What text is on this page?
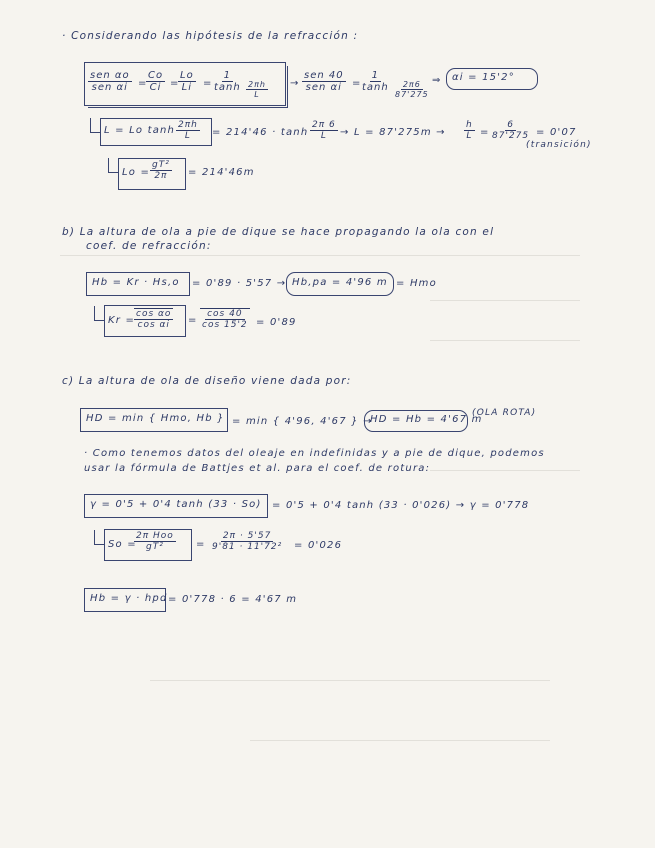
· Considerando las hipótesis de la refracción :
sen αo
sen αi =
$\frac{Co}{Ci}$ =
$\frac{Lo}{Li} = \frac{1}{\tanh} \frac{2\pi h}{L}$ →
sen 40
sen αi =
$\frac{1}{\tanh} \frac{2\pi 6}{87'275}$ ⇒ αi = 15'2°
L = Lo $\tanh \frac{2\pi h}{L} = 214'46 \cdot \tanh \frac{2\pi 6}{L} \to L = 87'275m \to \frac{h}{L} = \frac{6}{87'275} = 0'07$
(transición)
$Lo = \frac{\text{gT²}}{2\pi} = 214'46m$
b) La altura de ola a pie de dique se hace propagando la ola con el
coef. de refracción:
Hb = Kr · Hs,o = 0'89 · 5'57 → Hb,pa = 4'96 m = Hmo
Kr =
$\frac{\text{cos αo}}{\text{cos αi}} = \frac{\cos 40}{\cos 15'2} = 0'89$
c) La altura de ola de diseño viene dada por:
HD = min { Hmo, Hb } = min { 4'96, 4'67 } →
HD = Hb = 4'67 m
(OLA ROTA)
· Como tenemos datos del oleaje en indefinidas y a pie de dique, podemos
usar la fórmula de Battjes et al. para el coef. de rotura:
γ = 0'5 + 0'4 tanh (33 · So) = 0'5 + 0'4 tanh (33 · 0'026) → γ = 0'778
So =
2π Hoo
gT²	= $\frac{2\pi \cdot 5'57}{\text{9'81 · 11'72²}} = 0'026$
Hb = γ · hpd = 0'778 · 6 = 4'67 m
